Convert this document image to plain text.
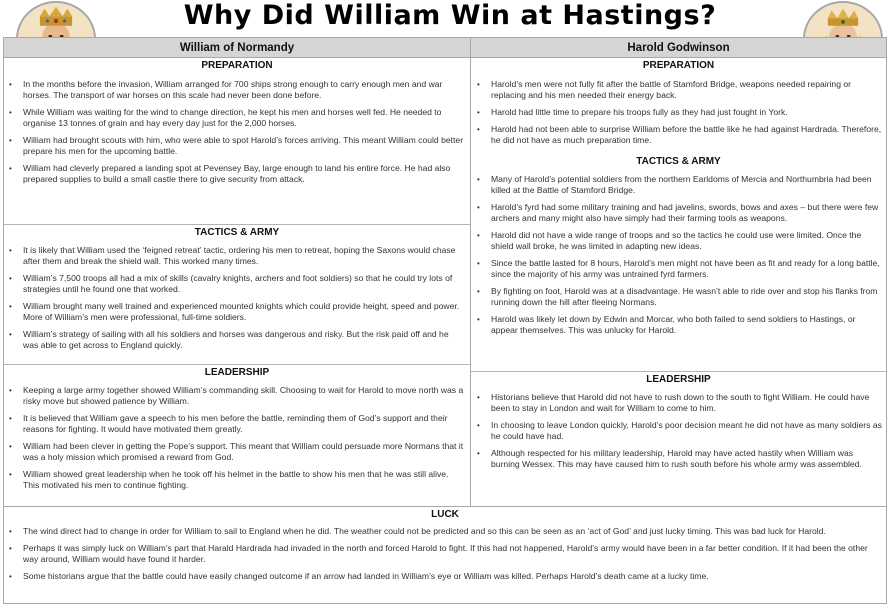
Why Did William Win at Hastings?
William of Normandy	Harold Godwinson
PREPARATION
• In the months before the invasion, William arranged for 700 ships strong enough to carry enough men and war horses. The transport of war horses on this scale had never been done before.
• While William was waiting for the wind to change direction, he kept his men and horses well fed. He needed to organise 13 tonnes of grain and hay every day just for the 2,000 horses.
• William had brought scouts with him, who were able to spot Harold’s forces arriving. This meant William could better prepare his men for the upcoming battle.
• William had cleverly prepared a landing spot at Pevensey Bay, large enough to land his entire force. He had also prepared supplies to build a small castle there to give security from attack.
TACTICS & ARMY
• It is likely that William used the ‘feigned retreat’ tactic, ordering his men to retreat, hoping the Saxons would chase after them and break the shield wall. This worked many times.
• William’s 7,500 troops all had a mix of skills (cavalry knights, archers and foot soldiers) so that he could try lots of strategies until he found one that worked.
• William brought many well trained and experienced mounted knights which could provide height, speed and power. More of William’s men were professional, full-time soldiers.
• William’s strategy of sailing with all his soldiers and horses was dangerous and risky. But the risk paid off and he was able to get across to England quickly.
LEADERSHIP
• Keeping a large army together showed William’s commanding skill. Choosing to wait for Harold to move north was a risky move but showed patience by William.
• It is believed that William gave a speech to his men before the battle, reminding them of God’s support and their reasons for fighting. It would have motivated them greatly.
• William had been clever in getting the Pope’s support. This meant that William could persuade more Normans that it was a holy mission which promised a reward from God.
• William showed great leadership when he took off his helmet in the battle to show his men that he was still alive. This motivated his men to continue fighting.
PREPARATION
• Harold’s men were not fully fit after the battle of Stamford Bridge, weapons needed repairing or replacing and his men needed their energy back.
• Harold had little time to prepare his troops fully as they had just fought in York.
• Harold had not been able to surprise William before the battle like he had against Hardrada. Therefore, he did not have as much preparation time.
TACTICS & ARMY
• Many of Harold’s potential soldiers from the northern Earldoms of Mercia and Northumbria had been killed at the Battle of Stamford Bridge.
• Harold’s fyrd had some military training and had javelins, swords, bows and axes – but there were few archers and many might also have simply had their farming tools as weapons.
• Harold did not have a wide range of troops and so the tactics he could use were limited. Once the shield wall broke, he was limited in adapting new ideas.
• Since the battle lasted for 8 hours, Harold’s men might not have been as fit and ready for a long battle, since the majority of his army was untrained fyrd farmers.
• By fighting on foot, Harold was at a disadvantage. He wasn’t able to ride over and stop his flanks from running down the hill after fleeing Normans.
• Harold was likely let down by Edwin and Morcar, who both failed to send soldiers to Hastings, or appear themselves. This was unlucky for Harold.
LEADERSHIP
• Historians believe that Harold did not have to rush down to the south to fight William. He could have been to stay in London and wait for William to come to him.
• In choosing to leave London quickly, Harold’s poor decision meant he did not have as many soldiers as he could have had.
• Although respected for his military leadership, Harold may have acted hastily when William was burning Wessex. This may have caused him to rush south before his whole army was assembled.
LUCK
• The wind direct had to change in order for William to sail to England when he did. The weather could not be predicted and so this can be seen as an ‘act of God’ and just lucky timing. This was bad luck for Harold.
• Perhaps it was simply luck on William’s part that Harald Hardrada had invaded in the north and forced Harold to fight. If this had not happened, Harold’s army would have been in a far better condition. If it had been the other way around, William would have found it harder.
• Some historians argue that the battle could have easily changed outcome if an arrow had landed in William’s eye or William was killed. Perhaps Harold’s death came at a lucky time.
